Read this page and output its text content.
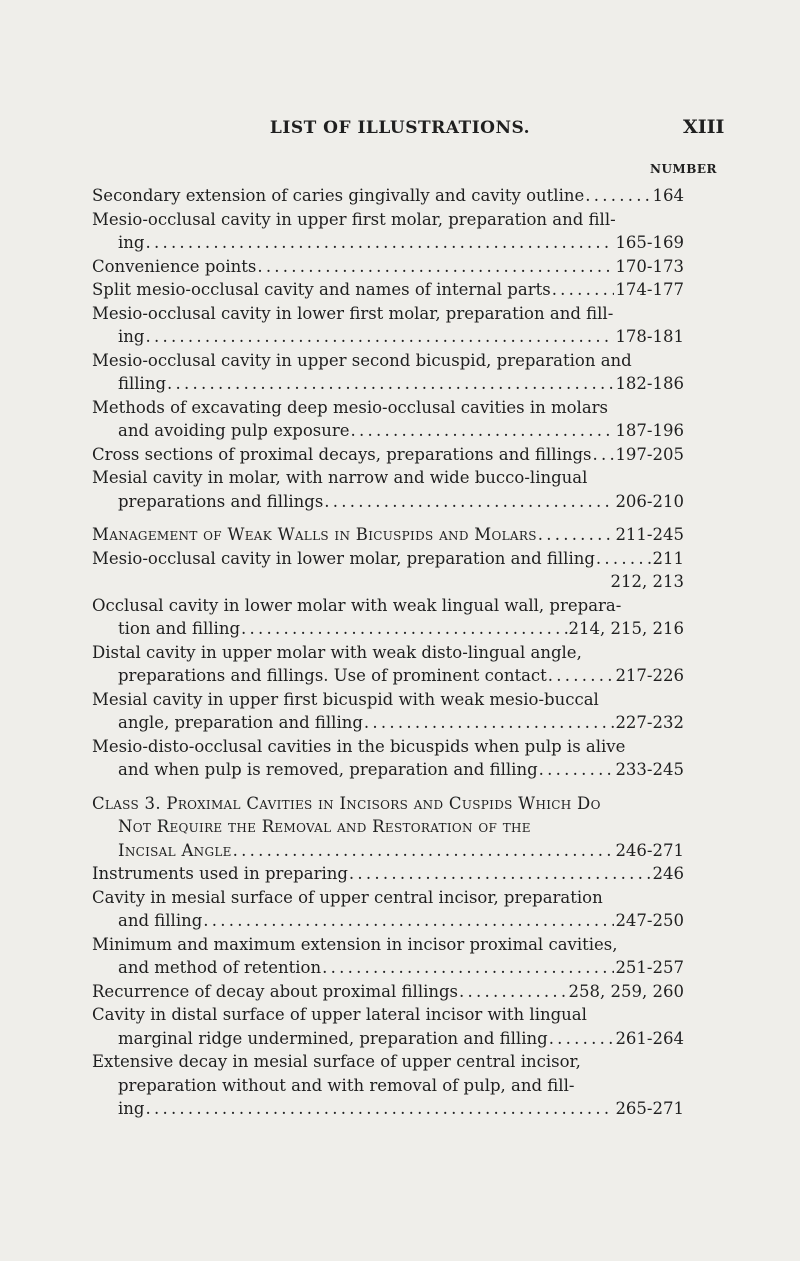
LIST OF ILLUSTRATIONS.	XIII
NUMBER
Secondary extension of caries gingivally and cavity outline . . .	164
Mesio-occlusal cavity in upper first molar, preparation and fill-
ing . . .	165-169
Convenience points . . .	170-173
Split mesio-occlusal cavity and names of internal parts . . .	174-177
Mesio-occlusal cavity in lower first molar, preparation and fill-
ing . . .	178-181
Mesio-occlusal cavity in upper second bicuspid, preparation and
filling . . .	182-186
Methods of excavating deep mesio-occlusal cavities in molars
and avoiding pulp exposure . . .	187-196
Cross sections of proximal decays, preparations and fillings . . . 197-205
Mesial cavity in molar, with narrow and wide bucco-lingual
preparations and fillings . . .	206-210
Management of Weak Walls in Bicuspids and Molars . . .	211-245
Mesio-occlusal cavity in lower molar, preparation and filling . . .	211
212, 213
Occlusal cavity in lower molar with weak lingual wall, prepara-
tion and filling . . .	214, 215, 216
Distal cavity in upper molar with weak disto-lingual angle,
preparations and fillings. Use of prominent contact . . .	217-226
Mesial cavity in upper first bicuspid with weak mesio-buccal
angle, preparation and filling . . .	227-232
Mesio-disto-occlusal cavities in the bicuspids when pulp is alive
and when pulp is removed, preparation and filling . . .	233-245
Class 3. Proximal Cavities in Incisors and Cuspids Which Do
Not Require the Removal and Restoration of the
Incisal Angle . . .	246-271
Instruments used in preparing . . .	246
Cavity in mesial surface of upper central incisor, preparation
and filling . . .	247-250
Minimum and maximum extension in incisor proximal cavities,
and method of retention . . .	251-257
Recurrence of decay about proximal fillings . . .	258, 259, 260
Cavity in distal surface of upper lateral incisor with lingual
marginal ridge undermined, preparation and filling . . .	261-264
Extensive decay in mesial surface of upper central incisor,
preparation without and with removal of pulp, and fill-
ing . . .	265-271
